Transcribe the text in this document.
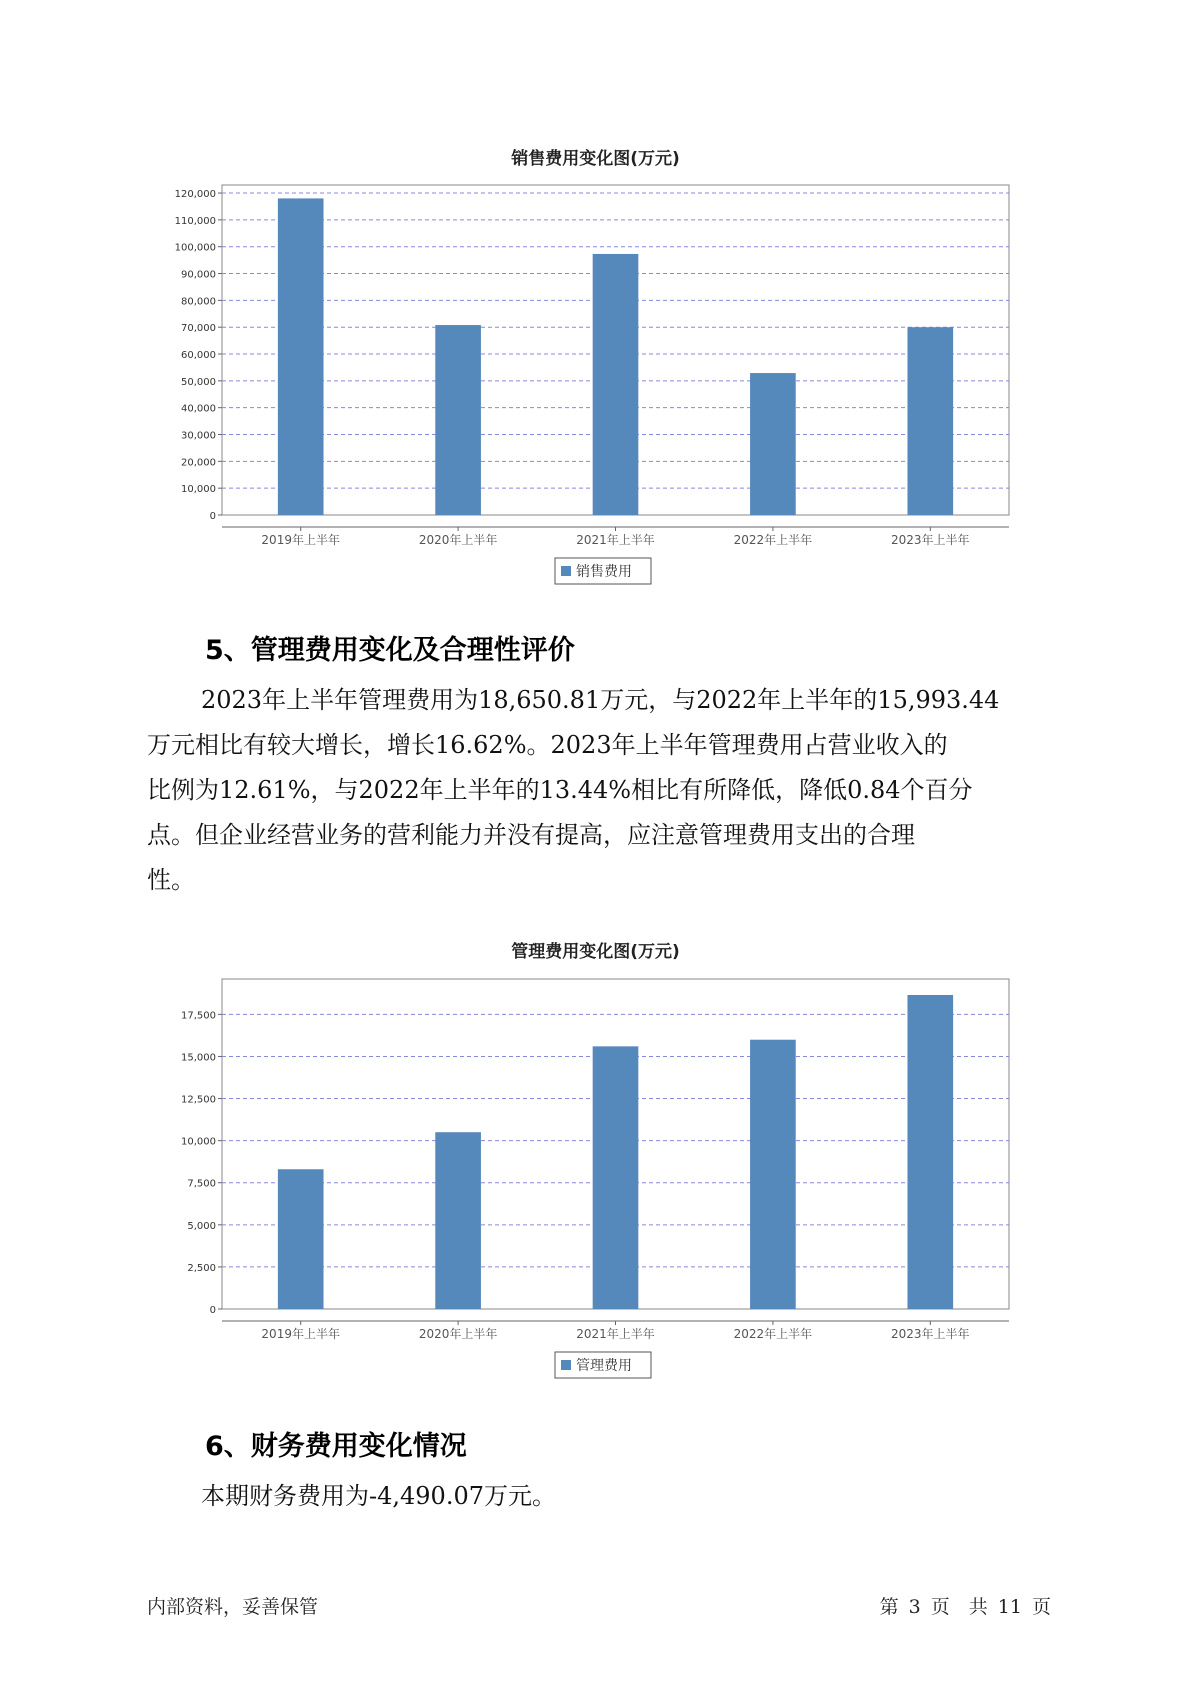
销售费用变化图(万元)
0
10,000
20,000
30,000
40,000
50,000
60,000
70,000
80,000
90,000
100,000
110,000
120,000
2019年上半年	2020年上半年	2021年上半年	2022年上半年	2023年上半年
销售费用
5、管理费用变化及合理性评价

2023年上半年管理费用为18,650.81万元，与2022年上半年的15,993.44

万元相比有较大增长，增长16.62%。2023年上半年管理费用占营业收入的

比例为12.61%，与2022年上半年的13.44%相比有所降低，降低0.84个百分

点。但企业经营业务的营利能力并没有提高，应注意管理费用支出的合理

性。

管理费用变化图(万元)
0
2,500
5,000
7,500
10,000
12,500
15,000
17,500
2019年上半年	2020年上半年	2021年上半年	2022年上半年	2023年上半年
管理费用
6、财务费用变化情况

本期财务费用为-4,490.07万元。

内部资料，妥善保管	第 3 页　共 11 页
